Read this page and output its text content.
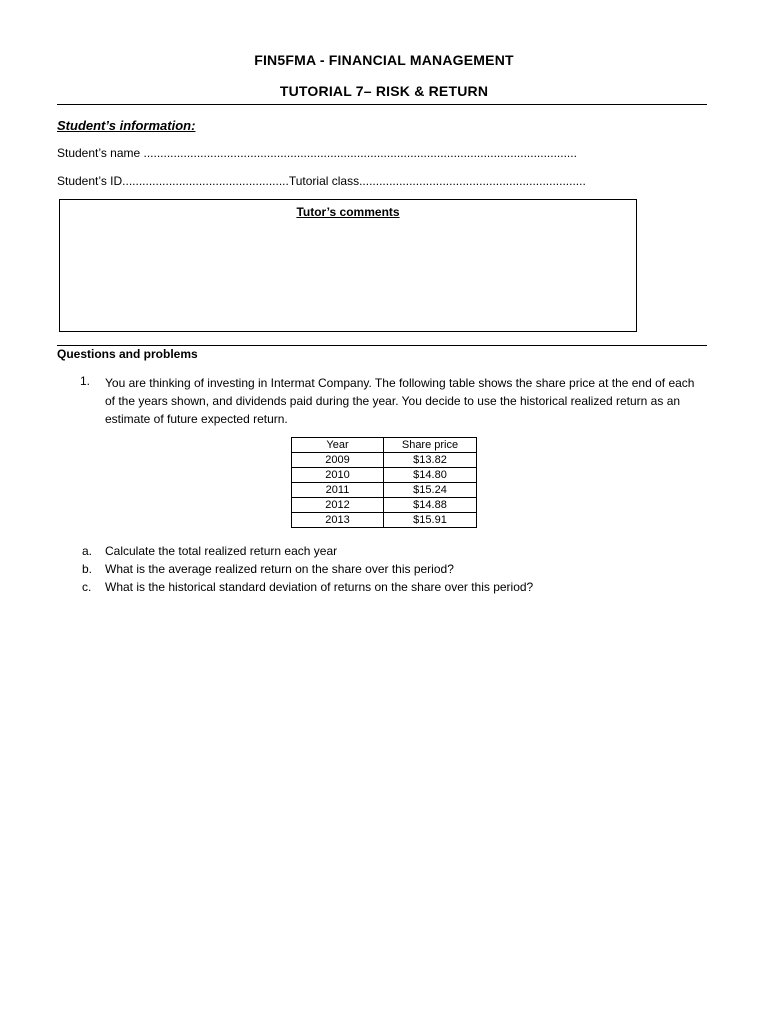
FIN5FMA - FINANCIAL MANAGEMENT
TUTORIAL 7– RISK & RETURN
Student’s information:
Student’s name ..................................................................................................................................
Student’s ID..................................................Tutorial class....................................................................
Tutor’s comments
Questions and problems
1. You are thinking of investing in Intermat Company. The following table shows the share price at the end of each of the years shown, and dividends paid during the year. You decide to use the historical realized return as an estimate of future expected return.
Year	Share price
2009	$13.82
2010	$14.80
2011	$15.24
2012	$14.88
2013	$15.91
a. Calculate the total realized return each year
b. What is the average realized return on the share over this period?
c. What is the historical standard deviation of returns on the share over this period?
